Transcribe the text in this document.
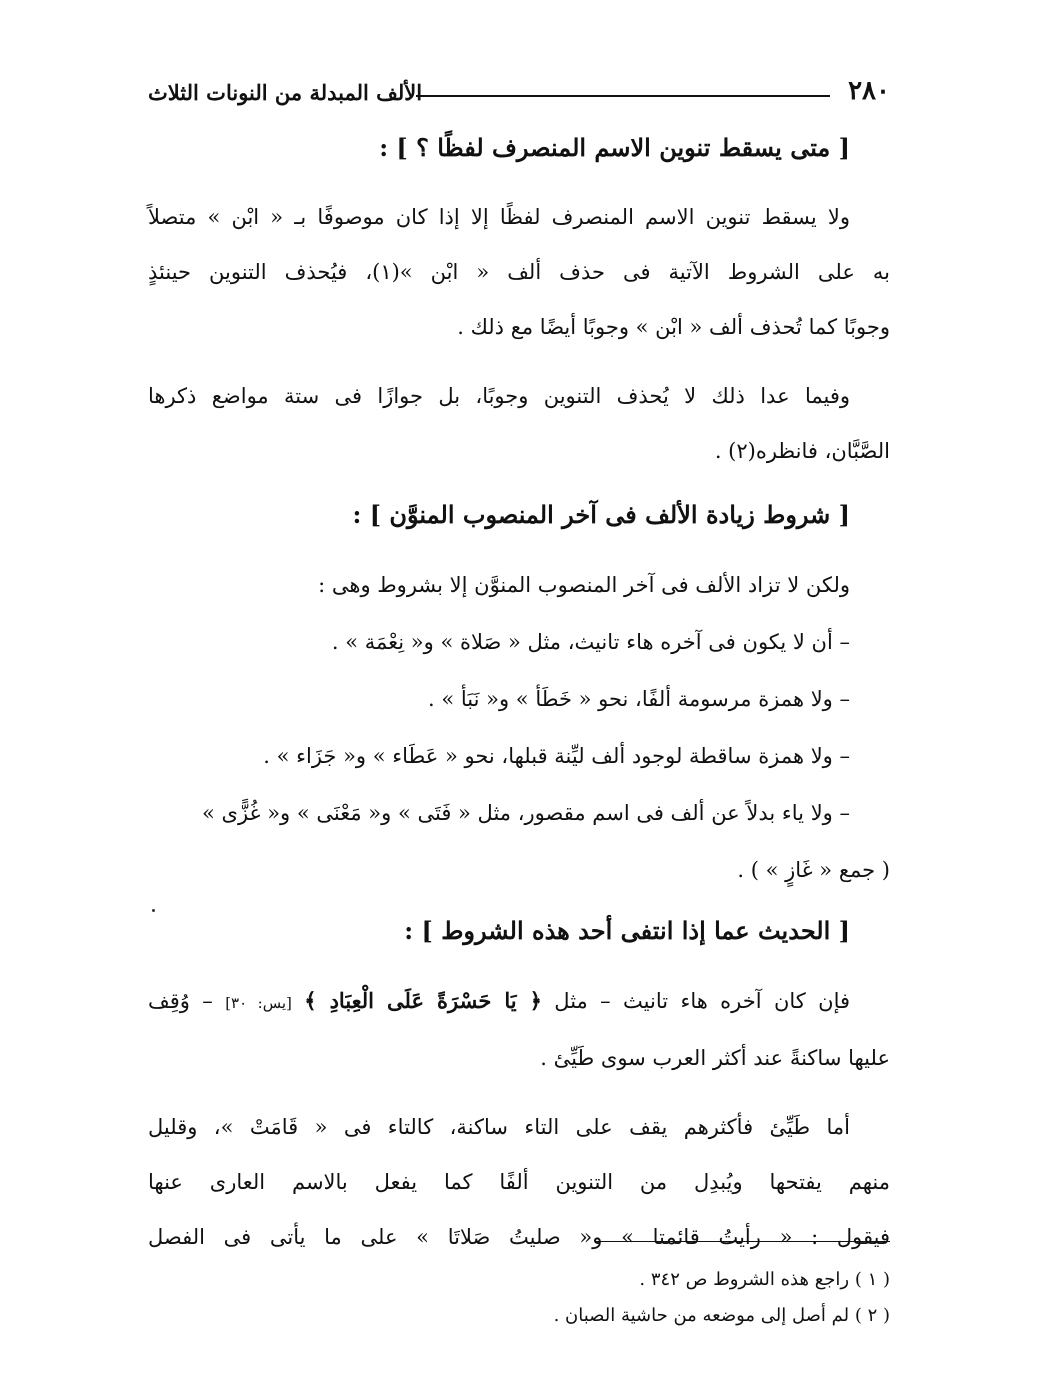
٢٨٠
الألف المبدلة من النونات الثلاث
[ متى يسقط تنوين الاسم المنصرف لفظًا ؟ ] :
ولا يسقط تنوين الاسم المنصرف لفظًا إلا إذا كان موصوفًا بـ « ابْن » متصلاً
به على الشروط الآتية فى حذف ألف « ابْن »(١)، فيُحذف التنوين حينئذٍ
وجوبًا كما تُحذف ألف « ابْن » وجوبًا أيضًا مع ذلك .
وفيما عدا ذلك لا يُحذف التنوين وجوبًا، بل جوازًا فى ستة مواضع ذكرها
الصَّبَّان، فانظره(٢) .
[ شروط زيادة الألف فى آخر المنصوب المنوَّن ] :
ولكن لا تزاد الألف فى آخر المنصوب المنوَّن إلا بشروط وهى :
– أن لا يكون فى آخره هاء تانيث، مثل « صَلاة » و« نِعْمَة » .
– ولا همزة مرسومة ألفًا، نحو « خَطَأ » و« نَبَأ » .
– ولا همزة ساقطة لوجود ألف ليِّنة قبلها، نحو « عَطَاء » و« جَزَاء » .
– ولا ياء بدلاً عن ألف فى اسم مقصور، مثل « فَتَى » و« مَعْنَى » و« غُزًّى »
( جمع « غَازٍ » ) .
[ الحديث عما إذا انتفى أحد هذه الشروط ] :
فإن كان آخره هاء تانيث – مثل ﴿ يَا حَسْرَةً عَلَى الْعِبَادِ ﴾ [يس: ٣٠] – وُقِف
عليها ساكنةً عند أكثر العرب سوى طَيِّئ .
أما طَيِّئ فأكثرهم يقف على التاء ساكنة، كالتاء فى « قَامَتْ »، وقليل
منهم يفتحها ويُبدِل من التنوين ألفًا كما يفعل بالاسم العارى عنها
فيقول : « رأيتُ قائمتا » و« صليتُ صَلاتَا » على ما يأتى فى الفصل
( ١ ) راجع هذه الشروط ص ٣٤٢ .
( ٢ ) لم أصل إلى موضعه من حاشية الصبان .
